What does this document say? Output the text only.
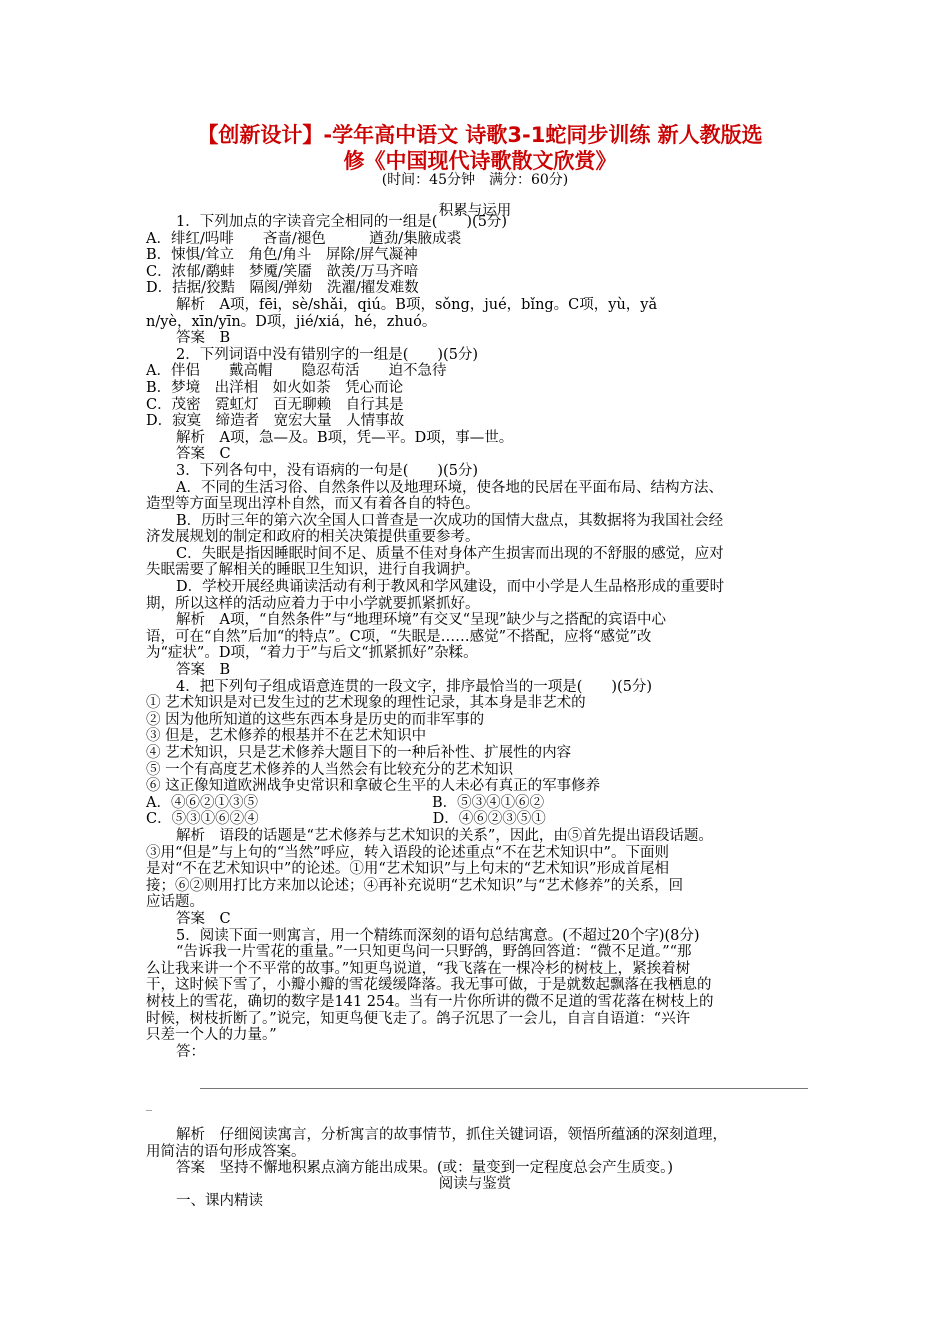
【创新设计】-学年高中语文 诗歌3-1蛇同步训练 新人教版选
修《中国现代诗歌散文欣赏》
(时间：45分钟　满分：60分)
积累与运用
1．下列加点的字读音完全相同的一组是(　　)(5分)
A．绯红/吗啡　　吝啬/褪色　　　遒劲/集腋成裘
B．悚惧/耸立　角色/角斗　屏除/屏气凝神
C．浓郁/鹬蚌　梦魇/笑靥　歆羡/万马齐喑
D．拮据/狡黠　隔阂/弹劾　洗濯/擢发难数
解析　A项，fēi，sè/shǎi，qiú。B项，sǒng，jué，bǐng。C项，yù，yǎ
n/yè，xīn/yīn。D项，jié/xiá，hé，zhuó。
答案　B
2．下列词语中没有错别字的一组是(　　)(5分)
A．伴侣　　戴高帽　　隐忍苟活　　迫不急待
B．梦境　出洋相　如火如荼　凭心而论
C．茂密　霓虹灯　百无聊赖　自行其是
D．寂寞　缔造者　宽宏大量　人情事故
解析　A项，急—及。B项，凭—平。D项，事—世。
答案　C
3．下列各句中，没有语病的一句是(　　)(5分)
A．不同的生活习俗、自然条件以及地理环境，使各地的民居在平面布局、结构方法、
造型等方面呈现出淳朴自然，而又有着各自的特色。
B．历时三年的第六次全国人口普查是一次成功的国情大盘点，其数据将为我国社会经
济发展规划的制定和政府的相关决策提供重要参考。
C．失眠是指因睡眠时间不足、质量不佳对身体产生损害而出现的不舒服的感觉，应对
失眠需要了解相关的睡眠卫生知识，进行自我调护。
D．学校开展经典诵读活动有利于教风和学风建设，而中小学是人生品格形成的重要时
期，所以这样的活动应着力于中小学就要抓紧抓好。
解析　A项，“自然条件”与“地理环境”有交叉“呈现”缺少与之搭配的宾语中心
语，可在“自然”后加“的特点”。C项，“失眠是……感觉”不搭配，应将“感觉”改
为“症状”。D项，“着力于”与后文“抓紧抓好”杂糅。
答案　B
4．把下列句子组成语意连贯的一段文字，排序最恰当的一项是(　　)(5分)
① 艺术知识是对已发生过的艺术现象的理性记录，其本身是非艺术的
② 因为他所知道的这些东西本身是历史的而非军事的
③ 但是，艺术修养的根基并不在艺术知识中
④ 艺术知识，只是艺术修养大题目下的一种后补性、扩展性的内容
⑤ 一个有高度艺术修养的人当然会有比较充分的艺术知识
⑥ 这正像知道欧洲战争史常识和拿破仑生平的人未必有真正的军事修养
A．④⑥②①③⑤　　　　　　　　　　　　B．⑤③④①⑥②
C．⑤③①⑥②④　　　　　　　　　　　　D．④⑥②③⑤①
解析　语段的话题是“艺术修养与艺术知识的关系”，因此，由⑤首先提出语段话题。
③用“但是”与上句的“当然”呼应，转入语段的论述重点“不在艺术知识中”。下面则
是对“不在艺术知识中”的论述。①用“艺术知识”与上句末的“艺术知识”形成首尾相
接；⑥②则用打比方来加以论述；④再补充说明“艺术知识”与“艺术修养”的关系，回
应话题。
答案　C
5．阅读下面一则寓言，用一个精练而深刻的语句总结寓意。(不超过20个字)(8分)
“告诉我一片雪花的重量。”一只知更鸟问一只野鸽，野鸽回答道：“微不足道。”“那
么让我来讲一个不平常的故事。”知更鸟说道，“我飞落在一棵冷杉的树枝上，紧挨着树
干，这时候下雪了，小瓣小瓣的雪花缓缓降落。我无事可做，于是就数起飘落在我栖息的
树枝上的雪花，确切的数字是141 254。当有一片你所讲的微不足道的雪花落在树枝上的
时候，树枝折断了。”说完，知更鸟便飞走了。鸽子沉思了一会儿，自言自语道：“兴许
只差一个人的力量。”
答：
_
解析　仔细阅读寓言，分析寓言的故事情节，抓住关键词语，领悟所蕴涵的深刻道理，
用简洁的语句形成答案。
答案　坚持不懈地积累点滴方能出成果。(或：量变到一定程度总会产生质变。)
阅读与鉴赏
一、课内精读
